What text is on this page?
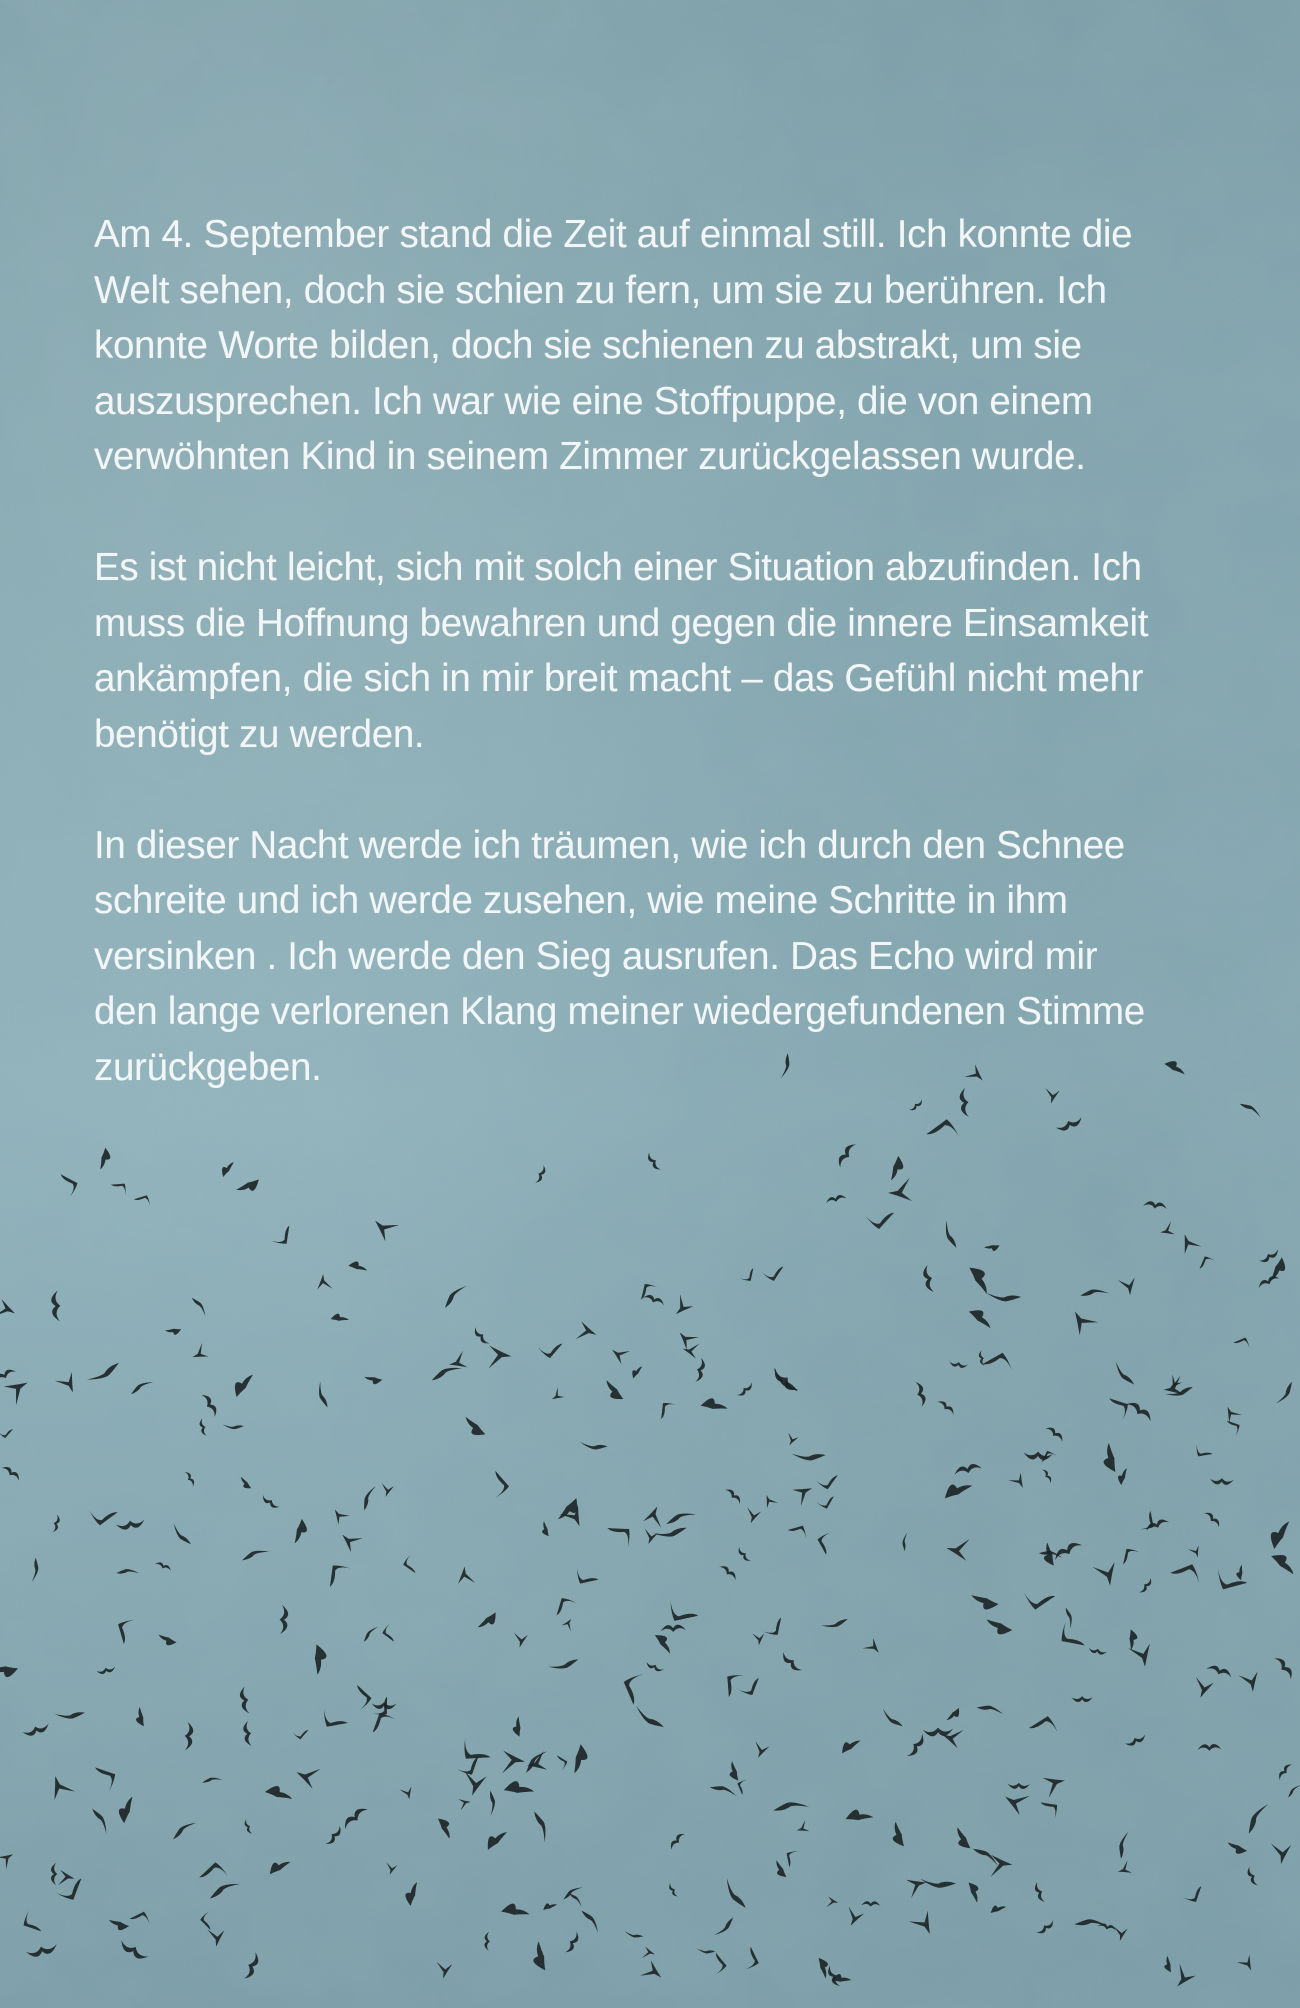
Am 4. September stand die Zeit auf einmal still. Ich konnte die
Welt sehen, doch sie schien zu fern, um sie zu berühren. Ich
konnte Worte bilden, doch sie schienen zu abstrakt, um sie
auszusprechen. Ich war wie eine Stoffpuppe, die von einem
verwöhnten Kind in seinem Zimmer zurückgelassen wurde.

Es ist nicht leicht, sich mit solch einer Situation abzufinden. Ich
muss die Hoffnung bewahren und gegen die innere Einsamkeit
ankämpfen, die sich in mir breit macht – das Gefühl nicht mehr
benötigt zu werden.

In dieser Nacht werde ich träumen, wie ich durch den Schnee
schreite und ich werde zusehen, wie meine Schritte in ihm
versinken . Ich werde den Sieg ausrufen. Das Echo wird mir
den lange verlorenen Klang meiner wiedergefundenen Stimme
zurückgeben.
